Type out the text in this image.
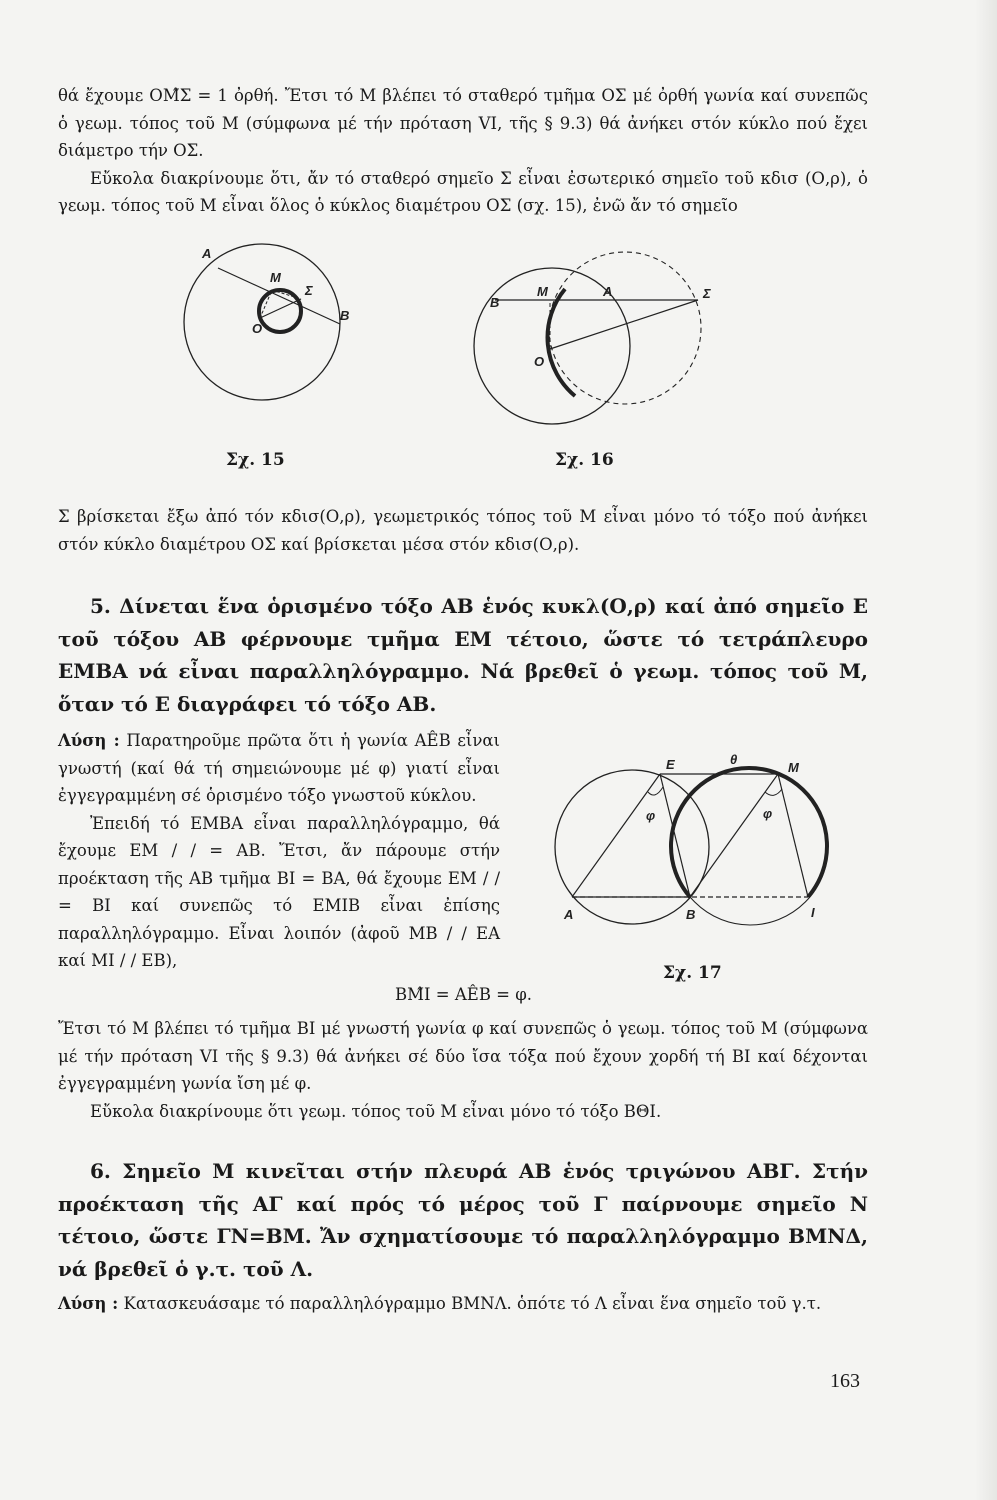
θά ἔχουμε ΟΜ̂Σ = 1 ὀρθή. Ἔτσι τό Μ βλέπει τό σταθερό τμῆμα ΟΣ μέ ὀρθή γωνία καί συνεπῶς ὁ γεωμ. τόπος τοῦ Μ (σύμφωνα μέ τήν πρόταση VI, τῆς § 9.3) θά ἀνήκει στόν κύκλο πού ἔχει διάμετρο τήν ΟΣ.

Εὔκολα διακρίνουμε ὅτι, ἄν τό σταθερό σημεῖο Σ εἶναι ἐσωτερικό σημεῖο τοῦ κδισ (Ο,ρ), ὁ γεωμ. τόπος τοῦ Μ εἶναι ὅλος ὁ κύκλος διαμέτρου ΟΣ (σχ. 15), ἐνῶ ἄν τό σημεῖο

A
M
Σ
O
B
Σχ. 15
B
M	A	Σ
O
Σχ. 16

Σ βρίσκεται ἔξω ἀπό τόν κδισ(Ο,ρ), γεωμετρικός τόπος τοῦ Μ εἶναι μόνο τό τόξο πού ἀνήκει στόν κύκλο διαμέτρου ΟΣ καί βρίσκεται μέσα στόν κδισ(Ο,ρ).

5. Δίνεται ἕνα ὁρισμένο τόξο ΑΒ ἑνός κυκλ(Ο,ρ) καί ἀπό σημεῖο Ε τοῦ τόξου ΑΒ φέρνουμε τμῆμα ΕΜ τέτοιο, ὥστε τό τετράπλευρο ΕΜΒΑ νά εἶναι παραλληλόγραμμο. Νά βρεθεῖ ὁ γεωμ. τόπος τοῦ Μ, ὅταν τό Ε διαγράφει τό τόξο ΑΒ.

Λύση : Παρατηροῦμε πρῶτα ὅτι ἡ γωνία ΑÊΒ εἶναι γνωστή (καί θά τή σημειώνουμε μέ φ) γιατί εἶναι ἐγγεγραμμένη σέ ὁρισμένο τόξο γνωστοῦ κύκλου.

Ἐπειδή τό ΕΜΒΑ εἶναι παραλληλόγραμμο, θά ἔχουμε ΕΜ / / = ΑΒ. Ἔτσι, ἄν πάρουμε στήν προέκταση τῆς ΑΒ τμῆμα ΒΙ = ΒΑ, θά ἔχουμε ΕΜ / / = ΒΙ καί συνεπῶς τό ΕΜΙΒ εἶναι ἐπίσης παραλληλόγραμμο. Εἶναι λοιπόν (ἀφοῦ ΜΒ / / ΕΑ καί ΜΙ / / ΕΒ),

ΒΜ̂Ι = ΑÊΒ = φ.
E	θ
M
φ	φ
A	B	I
Σχ. 17

Ἔτσι τό Μ βλέπει τό τμῆμα ΒΙ μέ γνωστή γωνία φ καί συνεπῶς ὁ γεωμ. τόπος τοῦ Μ (σύμφωνα μέ τήν πρόταση VI τῆς § 9.3) θά ἀνήκει σέ δύο ἴσα τόξα πού ἔχουν χορδή τή ΒΙ καί δέχονται ἐγγεγραμμένη γωνία ἴση μέ φ.

Εὔκολα διακρίνουμε ὅτι γεωμ. τόπος τοῦ Μ εἶναι μόνο τό τόξο ΒΘΙ.

6. Σημεῖο Μ κινεῖται στήν πλευρά ΑΒ ἑνός τριγώνου ΑΒΓ. Στήν προέκταση τῆς ΑΓ καί πρός τό μέρος τοῦ Γ παίρνουμε σημεῖο Ν τέτοιο, ὥστε ΓΝ=ΒΜ. Ἄν σχηματίσουμε τό παραλληλόγραμμο ΒΜΝΔ, νά βρεθεῖ ὁ γ.τ. τοῦ Λ.

Λύση : Κατασκευάσαμε τό παραλληλόγραμμο ΒΜΝΛ. ὁπότε τό Λ εἶναι ἕνα σημεῖο τοῦ γ.τ.

163
